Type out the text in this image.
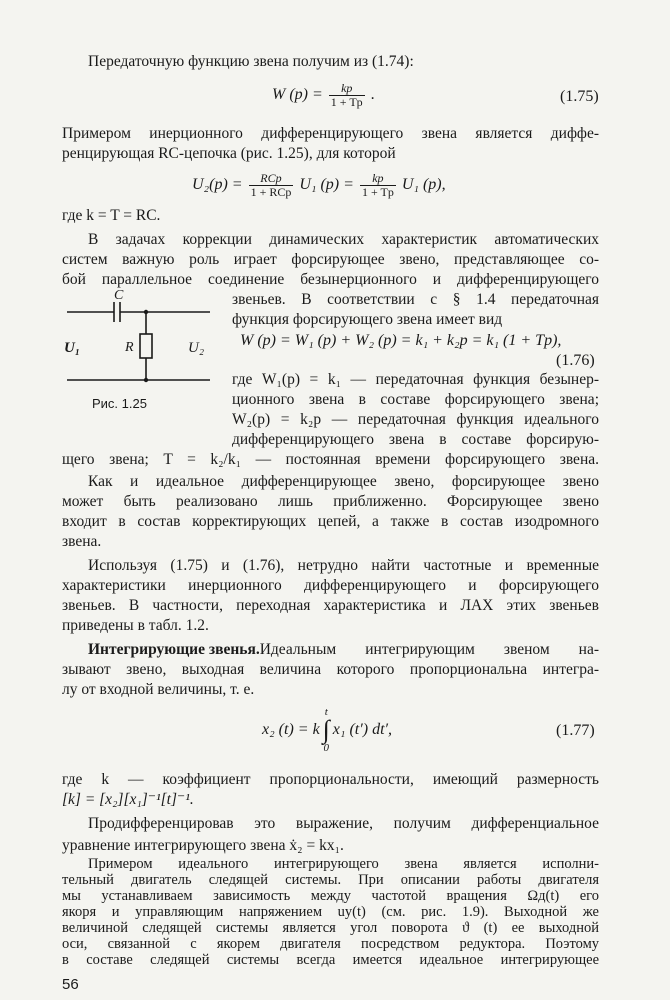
Передаточную функцию звена получим из (1.74):
W $(p) = \frac{kp}{1 + Tp}$ .	(1.75)
Примером инерционного дифференцирующего звена является диффе-
ренцирующая RC-цепочка (рис. 1.25), для которой
$U_2(p) = \frac{\text{RCp}}{\text{1 + RCp}} U_1$ $(p) = \frac{kp}{1 + Tp} U_1$ (p),
где k = T = RC.
В задачах коррекции динамических характеристик автоматических
систем важную роль играет форсирующее звено, представляющее со-
бой параллельное соединение безынерционного и дифференцирующего
звеньев. В соответствии с § 1.4 передаточная
функция форсирующего звена имеет вид
W (p) = W₁ (p) + W₂ (p) = k₁ + k₂p = k₁ (1 + Tp),
(1.76)
где W₁(p) = k₁ — передаточная функция безынер-
ционного звена в составе форсирующего звена;
W₂(p) = k₂p — передаточная функция идеального
дифференцирующего звена в составе форсирую-
щего звена; T = k₂/k₁ — постоянная времени форсирующего звена.
C
R
U₁	U₂
Рис. 1.25
Как и идеальное дифференцирующее звено, форсирующее звено
может быть реализовано лишь приближенно. Форсирующее звено
входит в состав корректирующих цепей, а также в состав изодромного
звена.
Используя (1.75) и (1.76), нетрудно найти частотные и временные
характеристики инерционного дифференцирующего и форсирующего
звеньев. В частности, переходная характеристика и ЛАХ этих звеньев
приведены в табл. 1.2.
Интегрирующие звенья. Идеальным интегрирующим звеном на-
зывают звено, выходная величина которого пропорциональна интегра-
лу от входной величины, т. е.
x₂ (t) = k
t
∫
0
x₁ (t′) dt′,	(1.77)
где k — коэффициент пропорциональности, имеющий размерность
[k] = [x₂][x₁]⁻¹[t]⁻¹.
Продифференцировав это выражение, получим дифференциальное
уравнение интегрирующего звена ẋ₂ = kx₁.
Примером идеального интегрирующего звена является исполни-
тельный двигатель следящей системы. При описании работы двигателя
мы устанавливаем зависимость между частотой вращения Ωд(t) его
якоря и управляющим напряжением uу(t) (см. рис. 1.9). Выходной же
величиной следящей системы является угол поворота ϑ (t) ее выходной
оси, связанной с якорем двигателя посредством редуктора. Поэтому
56
в составе следящей системы всегда имеется идеальное интегрирующее
